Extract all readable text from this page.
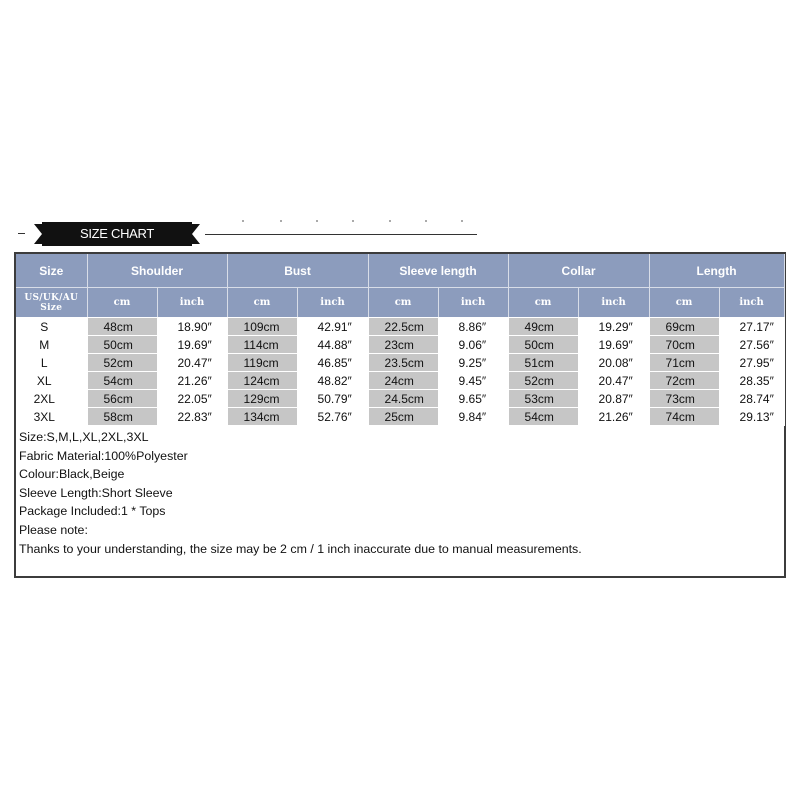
SIZE CHART
Size	Shoulder		Bust		Sleeve length		Collar		Length	

US/UK/AU
Size	cm	inch	cm	inch	cm	inch	cm	inch	cm	inch
S	48cm	18.90″	109cm	42.91″	22.5cm	8.86″	49cm	19.29″	69cm	27.17″
M	50cm	19.69″	114cm	44.88″	23cm	9.06″	50cm	19.69″	70cm	27.56″
L	52cm	20.47″	119cm	46.85″	23.5cm	9.25″	51cm	20.08″	71cm	27.95″
XL	54cm	21.26″	124cm	48.82″	24cm	9.45″	52cm	20.47″	72cm	28.35″
2XL	56cm	22.05″	129cm	50.79″	24.5cm	9.65″	53cm	20.87″	73cm	28.74″
3XL	58cm	22.83″	134cm	52.76″	25cm	9.84″	54cm	21.26″	74cm	29.13″
Size:S,M,L,XL,2XL,3XL
Fabric Material:100%Polyester
Colour:Black,Beige
Sleeve Length:Short Sleeve
Package Included:1 * Tops
Please note:
Thanks to your understanding, the size may be 2 cm / 1 inch inaccurate due to manual measurements.
